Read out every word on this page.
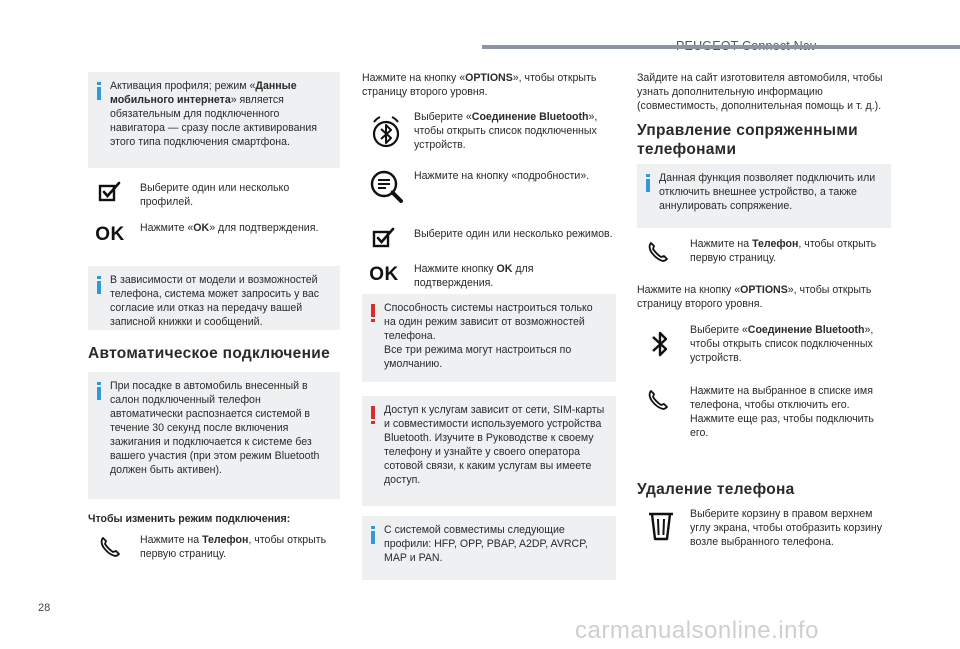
Активация профиля; режим «Данные мобильного интернета» является обязательным для подключенного навигатора — сразу после активирования этого типа подключения смартфона.
Выберите один или несколько профилей.
OK Нажмите «OK» для подтверждения.
В зависимости от модели и возможностей телефона, система может запросить у вас согласие или отказ на передачу вашей записной книжки и сообщений.
Автоматическое подключение
При посадке в автомобиль внесенный в салон подключенный телефон автоматически распознается системой в течение 30 секунд после включения зажигания и подключается к системе без вашего участия (при этом режим Bluetooth должен быть активен).
Чтобы изменить режим подключения:
Нажмите на Телефон, чтобы открыть первую страницу.
Нажмите на кнопку «OPTIONS», чтобы открыть страницу второго уровня.
Выберите «Соединение Bluetooth», чтобы открыть список подключенных устройств.
Нажмите на кнопку «подробности».
Выберите один или несколько режимов.
OK Нажмите кнопку OK для подтверждения.
Способность системы настроиться только на один режим зависит от возможностей телефона.
Все три режима могут настроиться по умолчанию.
Доступ к услугам зависит от сети, SIM-карты и совместимости используемого устройства Bluetooth. Изучите в Руководстве к своему телефону и узнайте у своего оператора сотовой связи, к каким услугам вы имеете доступ.
С системой совместимы следующие профили: HFP, OPP, PBAP, A2DP, AVRCP, MAP и PAN.
Зайдите на сайт изготовителя автомобиля, чтобы узнать дополнительную информацию (совместимость, дополнительная помощь и т. д.).
Управление сопряженными телефонами
Данная функция позволяет подключить или отключить внешнее устройство, а также аннулировать сопряжение.
Нажмите на Телефон, чтобы открыть первую страницу.
Нажмите на кнопку «OPTIONS», чтобы открыть страницу второго уровня.
Выберите «Соединение Bluetooth», чтобы открыть список подключенных устройств.
Нажмите на выбранное в списке имя телефона, чтобы отключить его.
Нажмите еще раз, чтобы подключить его.
Удаление телефона
Выберите корзину в правом верхнем углу экрана, чтобы отобразить корзину возле выбранного телефона.
28
carmanualsonline.info
